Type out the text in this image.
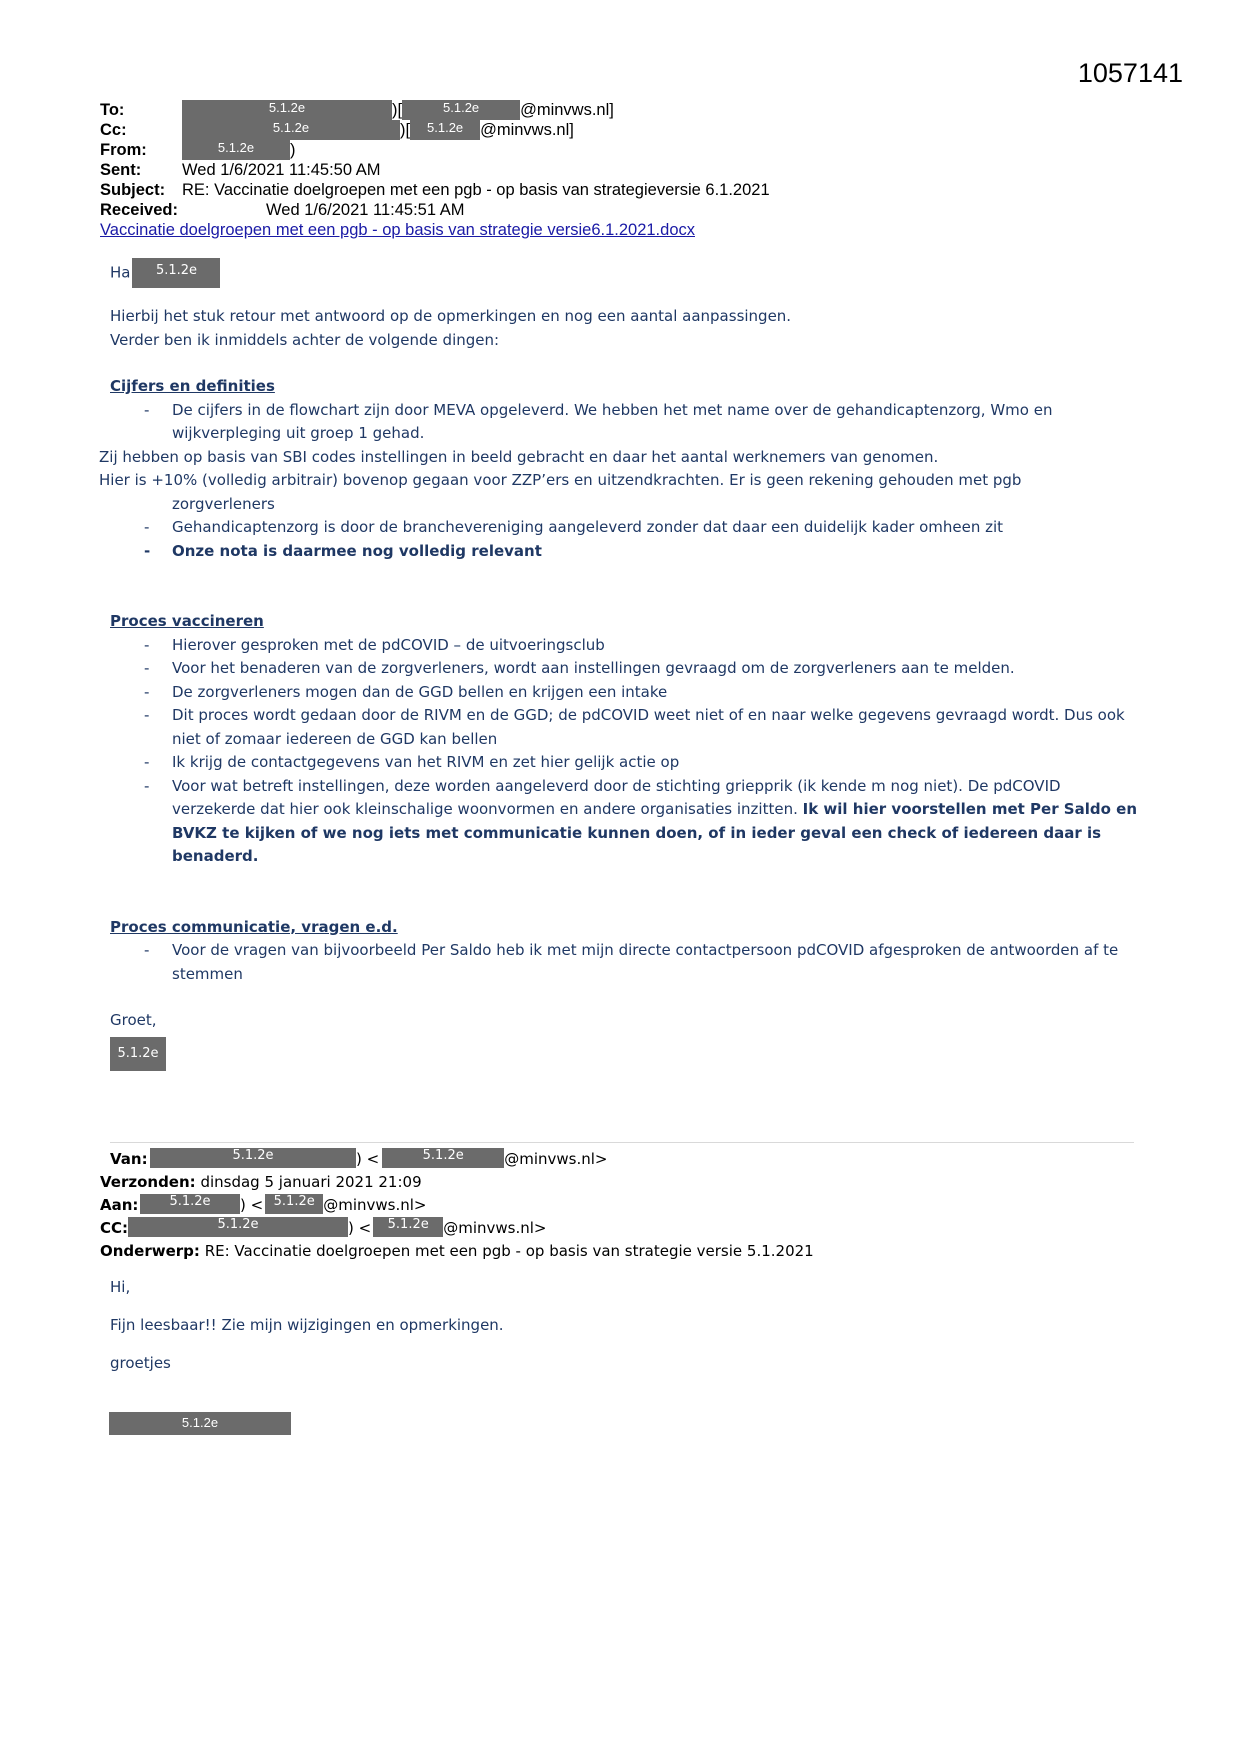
1057141
To:	5.1.2e	)[	5.1.2e @minvws.nl]
Cc:	5.1.2e	)[ 5.1.2e @minvws.nl]
From:	5.1.2e )
Sent: Wed 1/6/2021 11:45:50 AM
Subject: RE: Vaccinatie doelgroepen met een pgb - op basis van strategieversie 6.1.2021
Received:	Wed 1/6/2021 11:45:51 AM
Vaccinatie doelgroepen met een pgb - op basis van strategie versie6.1.2021.docx
Ha 5.1.2e
Hierbij het stuk retour met antwoord op de opmerkingen en nog een aantal aanpassingen.
Verder ben ik inmiddels achter de volgende dingen:
Cijfers en definities
- De cijfers in de flowchart zijn door MEVA opgeleverd. We hebben het met name over de gehandicaptenzorg, Wmo en wijkverpleging uit groep 1 gehad.
Zij hebben op basis van SBI codes instellingen in beeld gebracht en daar het aantal werknemers van genomen.
Hier is +10% (volledig arbitrair) bovenop gegaan voor ZZP’ers en uitzendkrachten. Er is geen rekening gehouden met pgb
zorgverleners
- Gehandicaptenzorg is door de branchevereniging aangeleverd zonder dat daar een duidelijk kader omheen zit
- Onze nota is daarmee nog volledig relevant
Proces vaccineren
- Hierover gesproken met de pdCOVID – de uitvoeringsclub
- Voor het benaderen van de zorgverleners, wordt aan instellingen gevraagd om de zorgverleners aan te melden.
- De zorgverleners mogen dan de GGD bellen en krijgen een intake
- Dit proces wordt gedaan door de RIVM en de GGD; de pdCOVID weet niet of en naar welke gegevens gevraagd wordt. Dus ook niet of zomaar iedereen de GGD kan bellen
- Ik krijg de contactgegevens van het RIVM en zet hier gelijk actie op
- Voor wat betreft instellingen, deze worden aangeleverd door de stichting griepprik (ik kende m nog niet). De pdCOVID verzekerde dat hier ook kleinschalige woonvormen en andere organisaties inzitten. Ik wil hier voorstellen met Per Saldo en BVKZ te kijken of we nog iets met communicatie kunnen doen, of in ieder geval een check of iedereen daar is benaderd.
Proces communicatie, vragen e.d.
- Voor de vragen van bijvoorbeeld Per Saldo heb ik met mijn directe contactpersoon pdCOVID afgesproken de antwoorden af te stemmen
Groet,
5.1.2e
Van:	5.1.2e	) <	5.1.2e	@minvws.nl>
Verzonden: dinsdag 5 januari 2021 21:09
Aan: 5.1.2e ) < 5.1.2e @minvws.nl>
CC:	5.1.2e	) < 5.1.2e @minvws.nl>
Onderwerp: RE: Vaccinatie doelgroepen met een pgb - op basis van strategie versie 5.1.2021
Hi,
Fijn leesbaar!! Zie mijn wijzigingen en opmerkingen.
groetjes
5.1.2e
